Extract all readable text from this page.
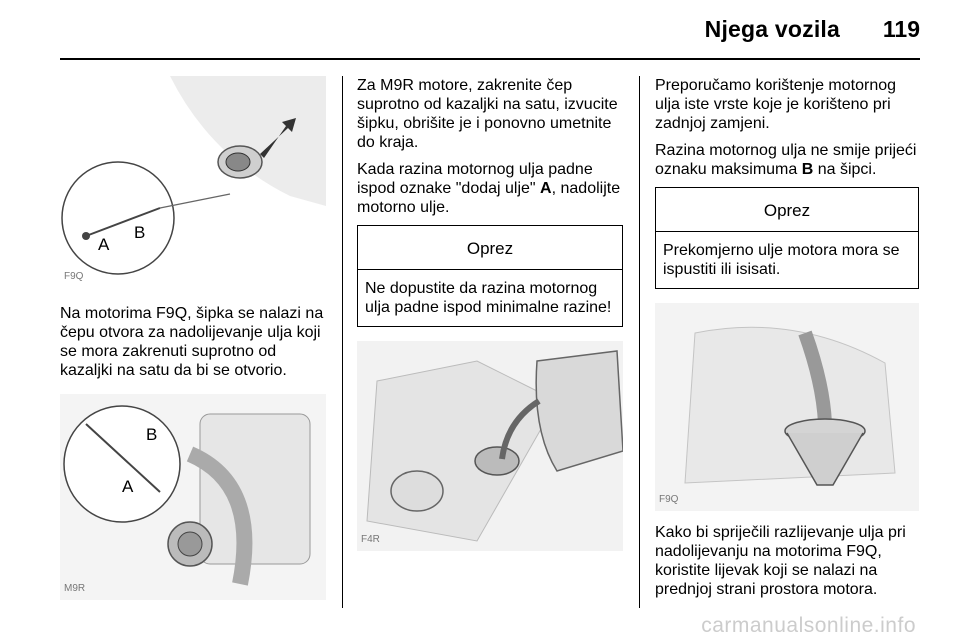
Njega vozila 119
A
B
F9Q

Na motorima F9Q, šipka se nalazi na čepu otvora za nadolijevanje ulja koji se mora zakrenuti suprotno od kazaljki na satu da bi se otvorio.

B
A
M9R

Za M9R motore, zakrenite čep suprotno od kazaljki na satu, izvucite šipku, obrišite je i ponovno umetnite do kraja.

Kada razina motornog ulja padne ispod oznake "dodaj ulje" A, nadolijte motorno ulje.

Oprez
Ne dopustite da razina motornog ulja padne ispod minimalne razine!
F4R

Preporučamo korištenje motornog ulja iste vrste koje je korišteno pri zadnjoj zamjeni.

Razina motornog ulja ne smije prijeći oznaku maksimuma B na šipci.

Oprez
Prekomjerno ulje motora mora se ispustiti ili isisati.
F9Q

Kako bi spriječili razlijevanje ulja pri nadolijevanju na motorima F9Q, koristite lijevak koji se nalazi na prednjoj strani prostora motora.

carmanualsonline.info
